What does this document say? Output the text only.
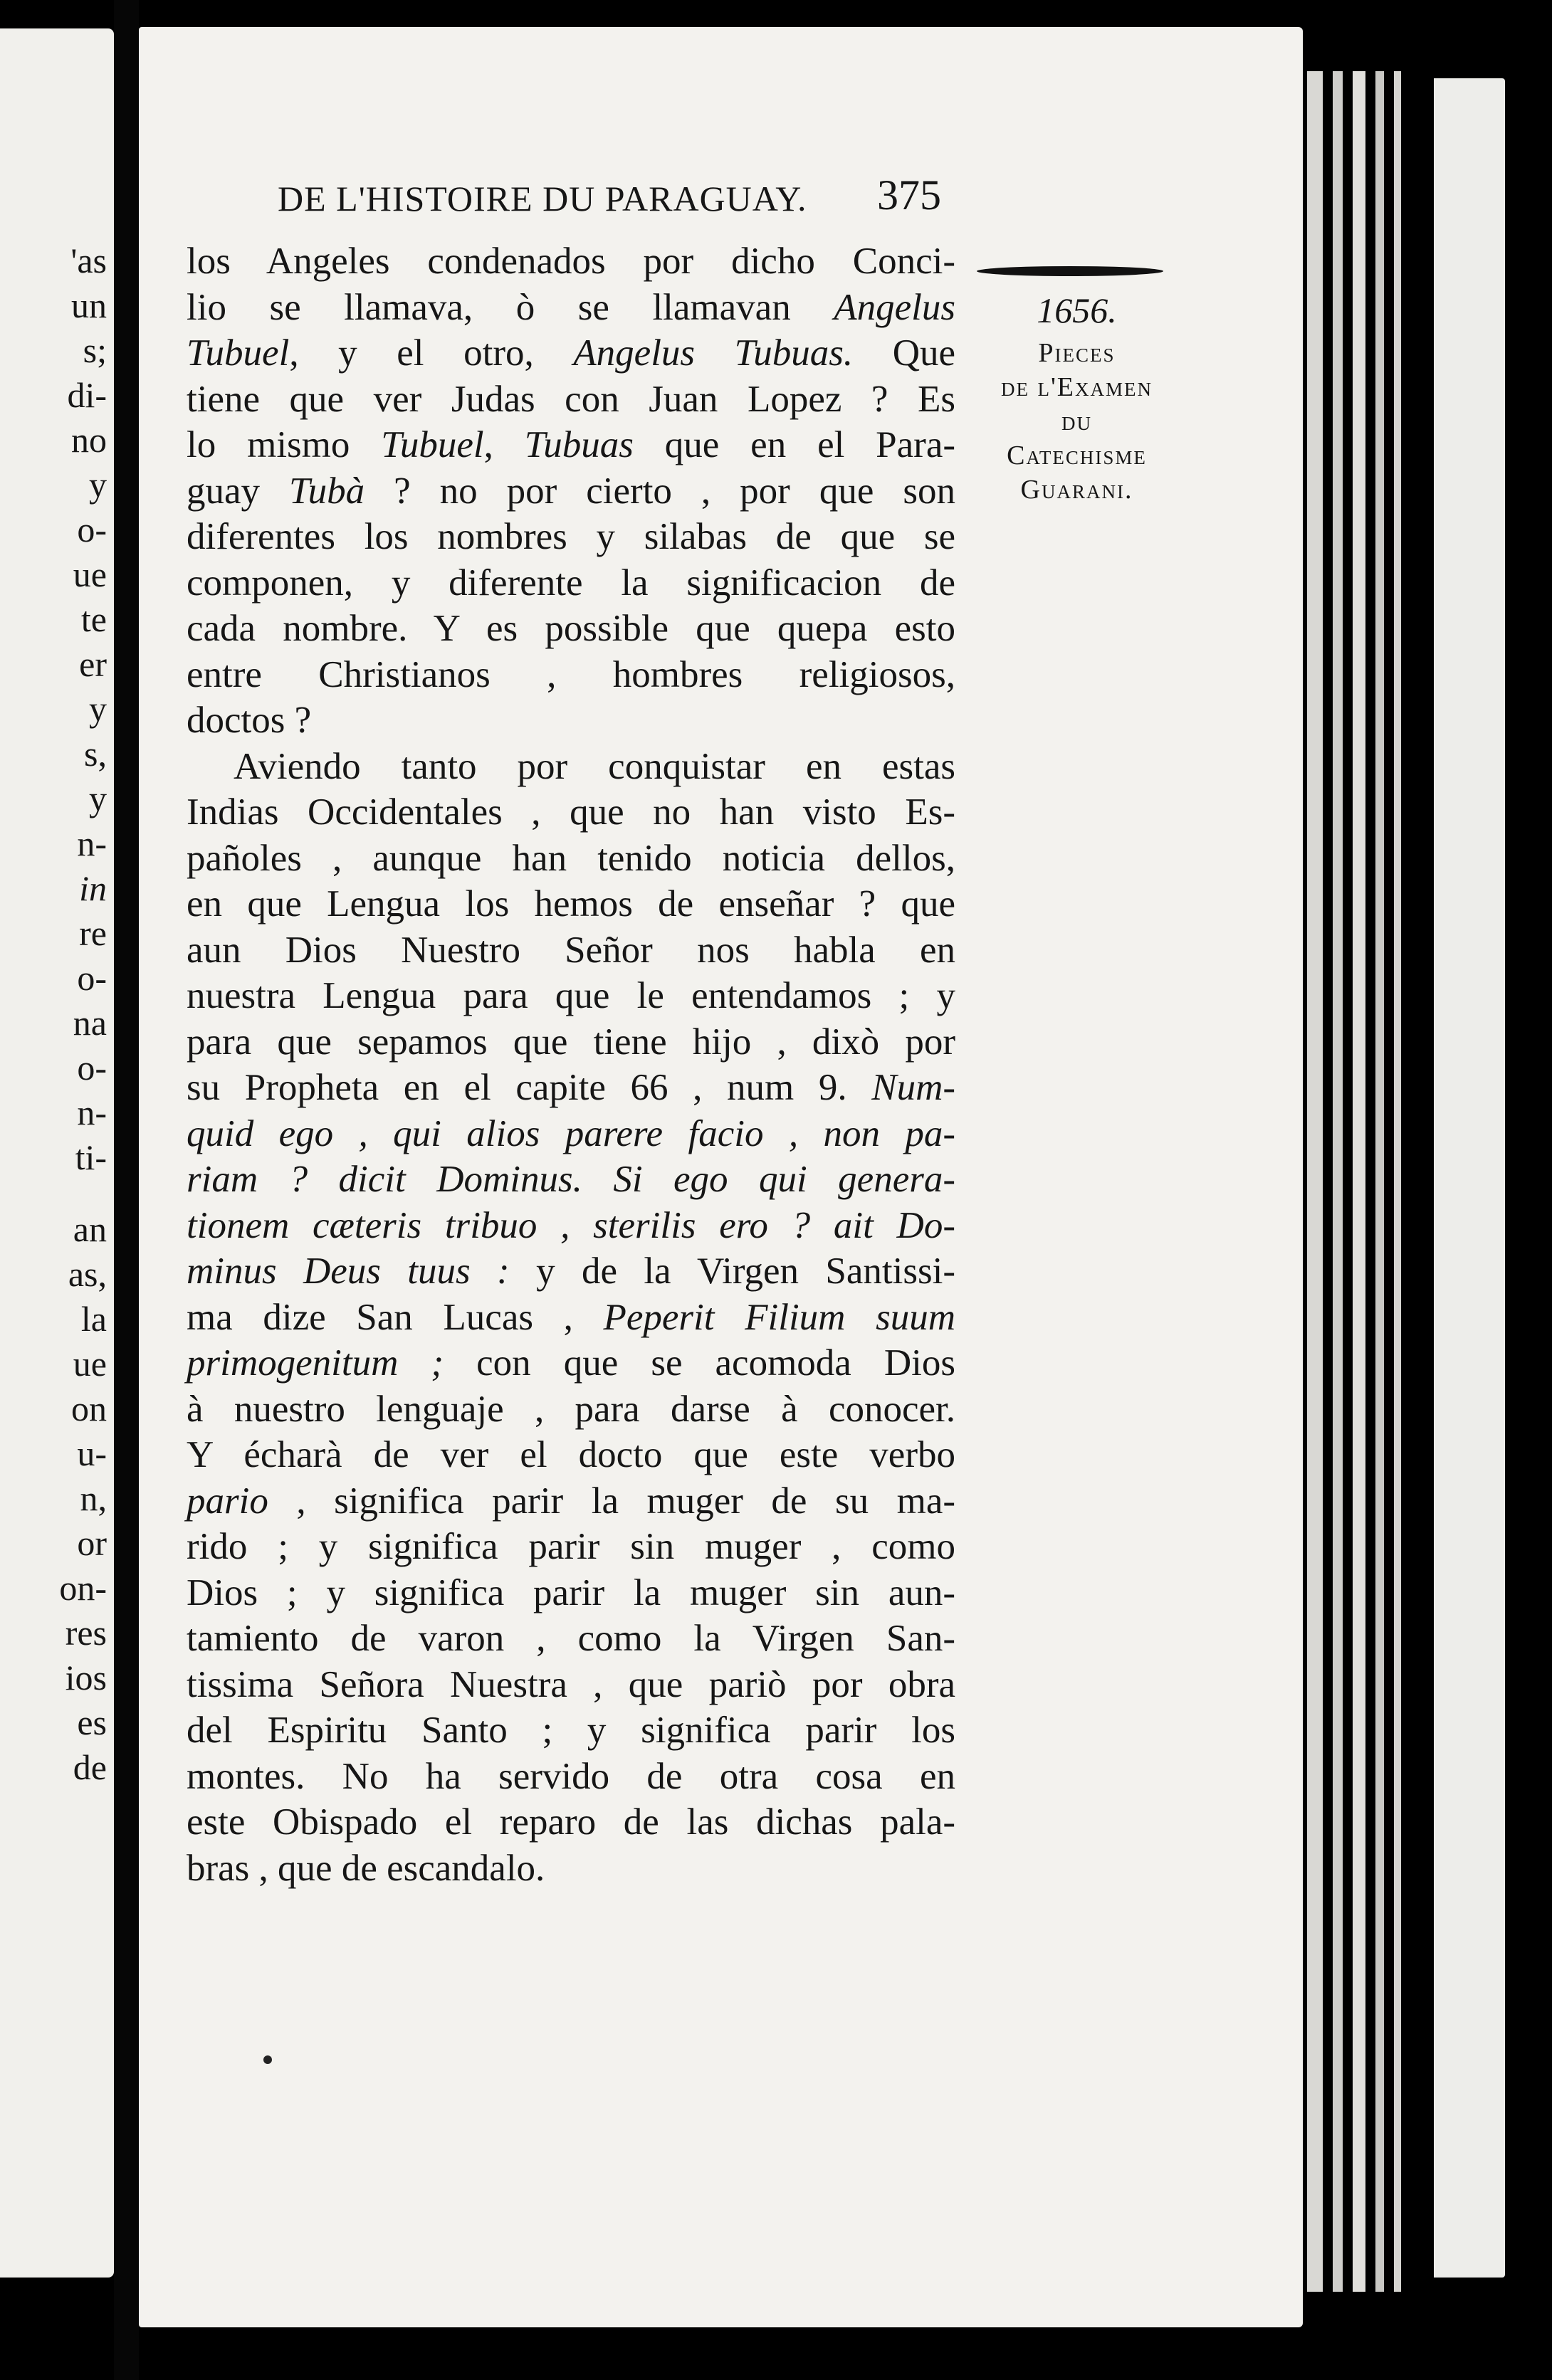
'as
un
s;
di-
no
y
o-
ue
te
er
y
s,
y
n-
in
re
o-
na
o-
n-
ti-
an
as,
la
ue
on
u-
n,
or
on-
res
ios
es
de
DE L'HISTOIRE DU PARAGUAY.	375
1656.
Pieces
de l'Examen
du
Catechisme
Guarani.
los Angeles condenados por dicho Conci-
lio se llamava, ò se llamavan Angelus
Tubuel, y el otro, Angelus Tubuas. Que
tiene que ver Judas con Juan Lopez ? Es
lo mismo Tubuel, Tubuas que en el Para-
guay Tubà ? no por cierto , por que son
diferentes los nombres y silabas de que se
componen, y diferente la significacion de
cada nombre. Y es possible que quepa esto
entre Christianos , hombres religiosos,
doctos ?
Aviendo tanto por conquistar en estas
Indias Occidentales , que no han visto Es-
pañoles , aunque han tenido noticia dellos,
en que Lengua los hemos de enseñar ? que
aun Dios Nuestro Señor nos habla en
nuestra Lengua para que le entendamos ; y
para que sepamos que tiene hijo , dixò por
su Propheta en el capite 66 , num 9. Num-
quid ego , qui alios parere facio , non pa-
riam ? dicit Dominus. Si ego qui genera-
tionem cæteris tribuo , sterilis ero ? ait Do-
minus Deus tuus : y de la Virgen Santissi-
ma dize San Lucas , Peperit Filium suum
primogenitum ; con que se acomoda Dios
à nuestro lenguaje , para darse à conocer.
Y écharà de ver el docto que este verbo
pario , significa parir la muger de su ma-
rido ; y significa parir sin muger , como
Dios ; y significa parir la muger sin aun-
tamiento de varon , como la Virgen San-
tissima Señora Nuestra , que pariò por obra
del Espiritu Santo ; y significa parir los
montes. No ha servido de otra cosa en
este Obispado el reparo de las dichas pala-
bras , que de escandalo.
